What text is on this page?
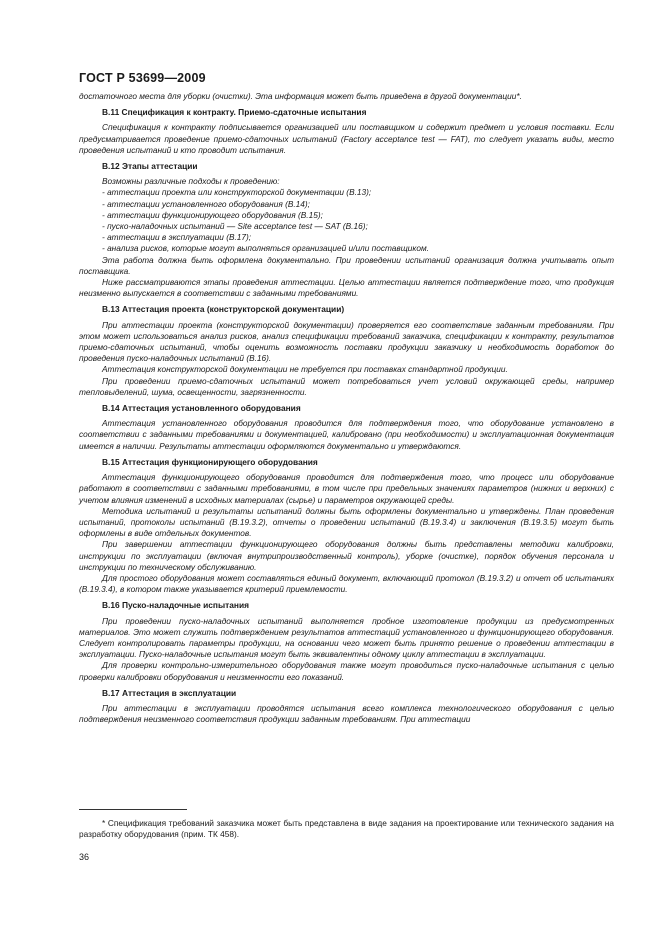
ГОСТ Р 53699—2009

достаточного места для уборки (очистки). Эта информация может быть приведена в другой документации*.

В.11 Спецификация к контракту. Приемо-сдаточные испытания

Спецификация к контракту подписывается организацией или поставщиком и содержит предмет и условия поставки. Если предусматривается проведение приемо-сдаточных испытаний (Factory acceptance test — FAT), то следует указать виды, место проведения испытаний и кто проводит испытания.

В.12 Этапы аттестации

Возможны различные подходы к проведению:

- аттестации проекта или конструкторской документации (В.13);

- аттестации установленного оборудования (В.14);

- аттестации функционирующего оборудования (В.15);

- пуско-наладочных испытаний — Site acceptance test — SAT (В.16);

- аттестации в эксплуатации (В.17);

- анализа рисков, которые могут выполняться организацией и/или поставщиком.

Эта работа должна быть оформлена документально. При проведении испытаний организация должна учитывать опыт поставщика.

Ниже рассматриваются этапы проведения аттестации. Целью аттестации является подтверждение того, что продукция неизменно выпускается в соответствии с заданными требованиями.

В.13 Аттестация проекта (конструкторской документации)

При аттестации проекта (конструкторской документации) проверяется его соответствие заданным требованиям. При этом может использоваться анализ рисков, анализ спецификации требований заказчика, спецификации к контракту, результатов приемо-сдаточных испытаний, чтобы оценить возможность поставки продукции заказчику и необходимость доработок до проведения пуско-наладочных испытаний (В.16).

Аттестация конструкторской документации не требуется при поставках стандартной продукции.

При проведении приемо-сдаточных испытаний может потребоваться учет условий окружающей среды, например тепловыделений, шума, освещенности, загрязненности.

В.14 Аттестация установленного оборудования

Аттестация установленного оборудования проводится для подтверждения того, что оборудование установлено в соответствии с заданными требованиями и документацией, калибровано (при необходимости) и эксплуатационная документация имеется в наличии. Результаты аттестации оформляются документально и утверждаются.

В.15 Аттестация функционирующего оборудования

Аттестация функционирующего оборудования проводится для подтверждения того, что процесс или оборудование работают в соответствии с заданными требованиями, в том числе при предельных значениях параметров (нижних и верхних) с учетом влияния изменений в исходных материалах (сырье) и параметров окружающей среды.

Методика испытаний и результаты испытаний должны быть оформлены документально и утверждены. План проведения испытаний, протоколы испытаний (В.19.3.2), отчеты о проведении испытаний (В.19.3.4) и заключения (В.19.3.5) могут быть оформлены в виде отдельных документов.

При завершении аттестации функционирующего оборудования должны быть представлены методики калибровки, инструкции по эксплуатации (включая внутрипроизводственный контроль), уборке (очистке), порядок обучения персонала и инструкции по техническому обслуживанию.

Для простого оборудования может составляться единый документ, включающий протокол (В.19.3.2) и отчет об испытаниях (В.19.3.4), в котором также указывается критерий приемлемости.

В.16 Пуско-наладочные испытания

При проведении пуско-наладочных испытаний выполняется пробное изготовление продукции из предусмотренных материалов. Это может служить подтверждением результатов аттестаций установленного и функционирующего оборудования. Следует контролировать параметры продукции, на основании чего может быть принято решение о проведении аттестации в эксплуатации. Пуско-наладочные испытания могут быть эквивалентны одному циклу аттестации в эксплуатации.

Для проверки контрольно-измерительного оборудования также могут проводиться пуско-наладочные испытания с целью проверки калибровки оборудования и неизменности его показаний.

В.17 Аттестация в эксплуатации

При аттестации в эксплуатации проводятся испытания всего комплекса технологического оборудования с целью подтверждения неизменного соответствия продукции заданным требованиям. При аттестации

* Спецификация требований заказчика может быть представлена в виде задания на проектирование или технического задания на разработку оборудования (прим. ТК 458).
36
